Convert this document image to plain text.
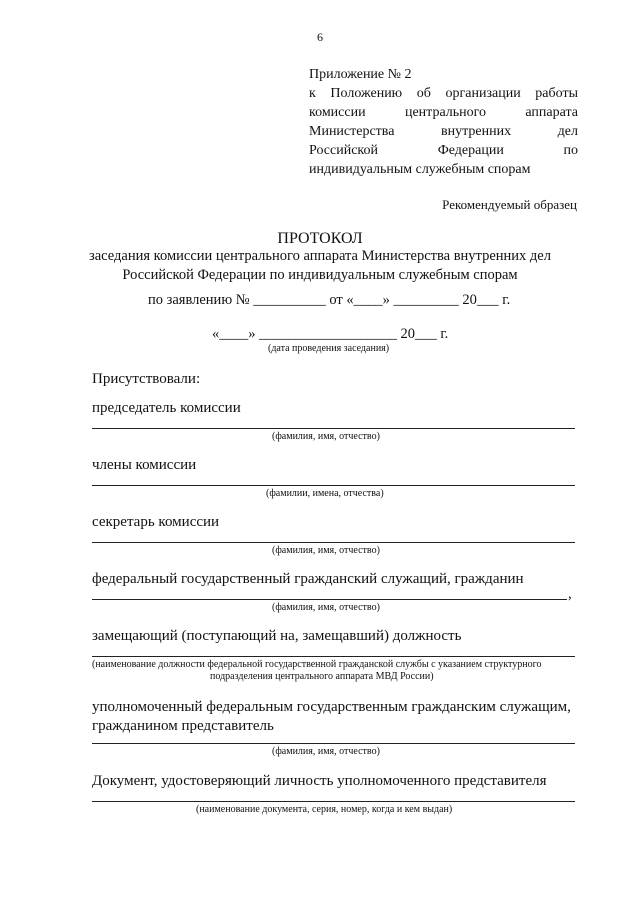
6
Приложение № 2
к Положению об организации работы
комиссии центрального аппарата
Министерства внутренних дел
Российской Федерации по
индивидуальным служебным спорам
Рекомендуемый образец
ПРОТОКОЛ
заседания комиссии центрального аппарата Министерства внутренних дел
Российской Федерации по индивидуальным служебным спорам
по заявлению № __________ от «____» _________ 20___ г.
«____» ___________________ 20___ г.
(дата проведения заседания)
Присутствовали:
председатель комиссии
(фамилия, имя, отчество)
члены комиссии
(фамилии, имена, отчества)
секретарь комиссии
(фамилия, имя, отчество)
федеральный государственный гражданский служащий, гражданин
,
(фамилия, имя, отчество)
замещающий (поступающий на, замещавший) должность
(наименование должности федеральной государственной гражданской службы с указанием структурного
подразделения центрального аппарата МВД России)
уполномоченный федеральным государственным гражданским служащим,
гражданином представитель
(фамилия, имя, отчество)
Документ, удостоверяющий личность уполномоченного представителя
(наименование документа, серия, номер, когда и кем выдан)
